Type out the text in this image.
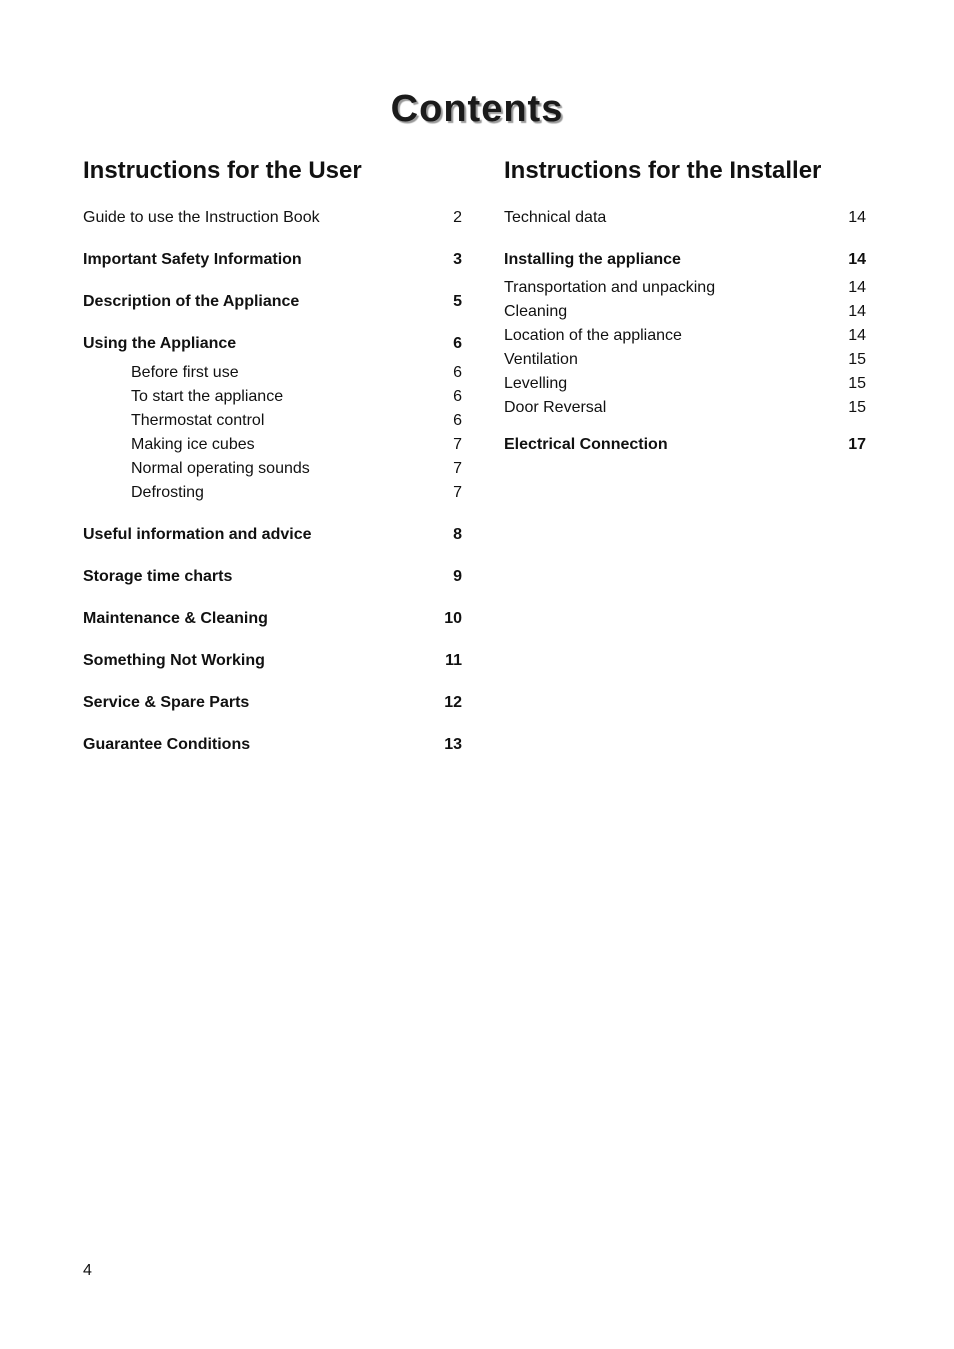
Contents
Instructions for the User
Guide to use the Instruction Book	2
Important Safety Information	3
Description of the Appliance	5
Using the Appliance	6
Before first use	6
To start the appliance	6
Thermostat control	6
Making ice cubes	7
Normal operating sounds	7
Defrosting	7
Useful information and advice	8
Storage time charts	9
Maintenance & Cleaning	10
Something Not Working	11
Service & Spare Parts	12
Guarantee Conditions	13
Instructions for the Installer
Technical data	14
Installing the appliance	14
Transportation and unpacking	14
Cleaning	14
Location of the appliance	14
Ventilation	15
Levelling	15
Door Reversal	15
Electrical Connection	17
4
